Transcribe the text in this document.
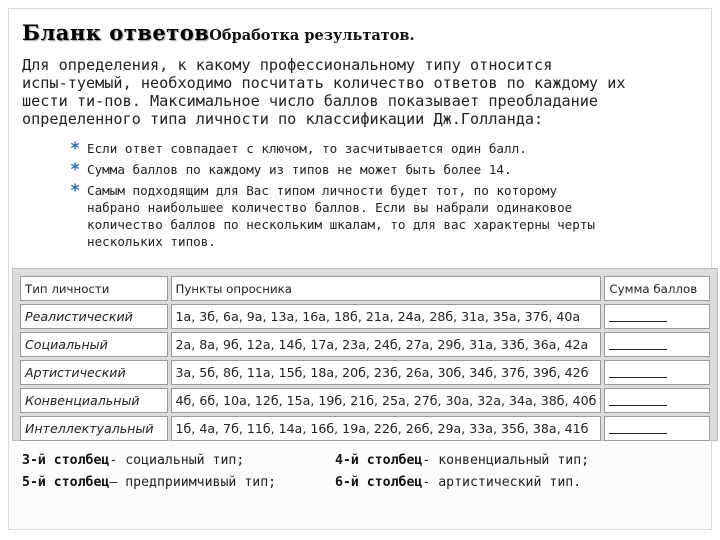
Бланк ответовОбработка результатов.

Для определения, к какому профессиональному типу относится
испы-туемый, необходимо посчитать количество ответов по каждому их
шести ти-пов. Максимальное число баллов показывает преобладание
определенного типа личности по классификации Дж.Голланда:

* Если ответ совпадает с ключом, то засчитывается один балл.
* Сумма баллов по каждому из типов не может быть более 14.
* Самым подходящим для Вас типом личности будет тот, по которому
набрано наибольшее количество баллов. Если вы набрали одинаковое
количество баллов по нескольким шкалам, то для вас характерны черты
нескольких типов.
Тип личности	Пункты опросника	Сумма баллов
Реалистический	1а, 3б, 6а, 9а, 13а, 16а, 18б, 21а, 24а, 28б, 31а, 35а, 37б, 40а	
Социальный	2а, 8а, 9б, 12а, 14б, 17а, 23а, 24б, 27а, 29б, 31а, 33б, 36а, 42а	
Артистический	3а, 5б, 8б, 11а, 15б, 18а, 20б, 23б, 26а, 30б, 34б, 37б, 39б, 42б	
Конвенциальный	4б, 6б, 10а, 12б, 15а, 19б, 21б, 25а, 27б, 30а, 32а, 34а, 38б, 40б	
Интеллектуальный	1б, 4а, 7б, 11б, 14а, 16б, 19а, 22б, 26б, 29а, 33а, 35б, 38а, 41б	
3-й столбец- социальный тип;	4-й столбец- конвенциальный тип;
5-й столбец– предприимчивый тип;	6-й столбец- артистический тип.
